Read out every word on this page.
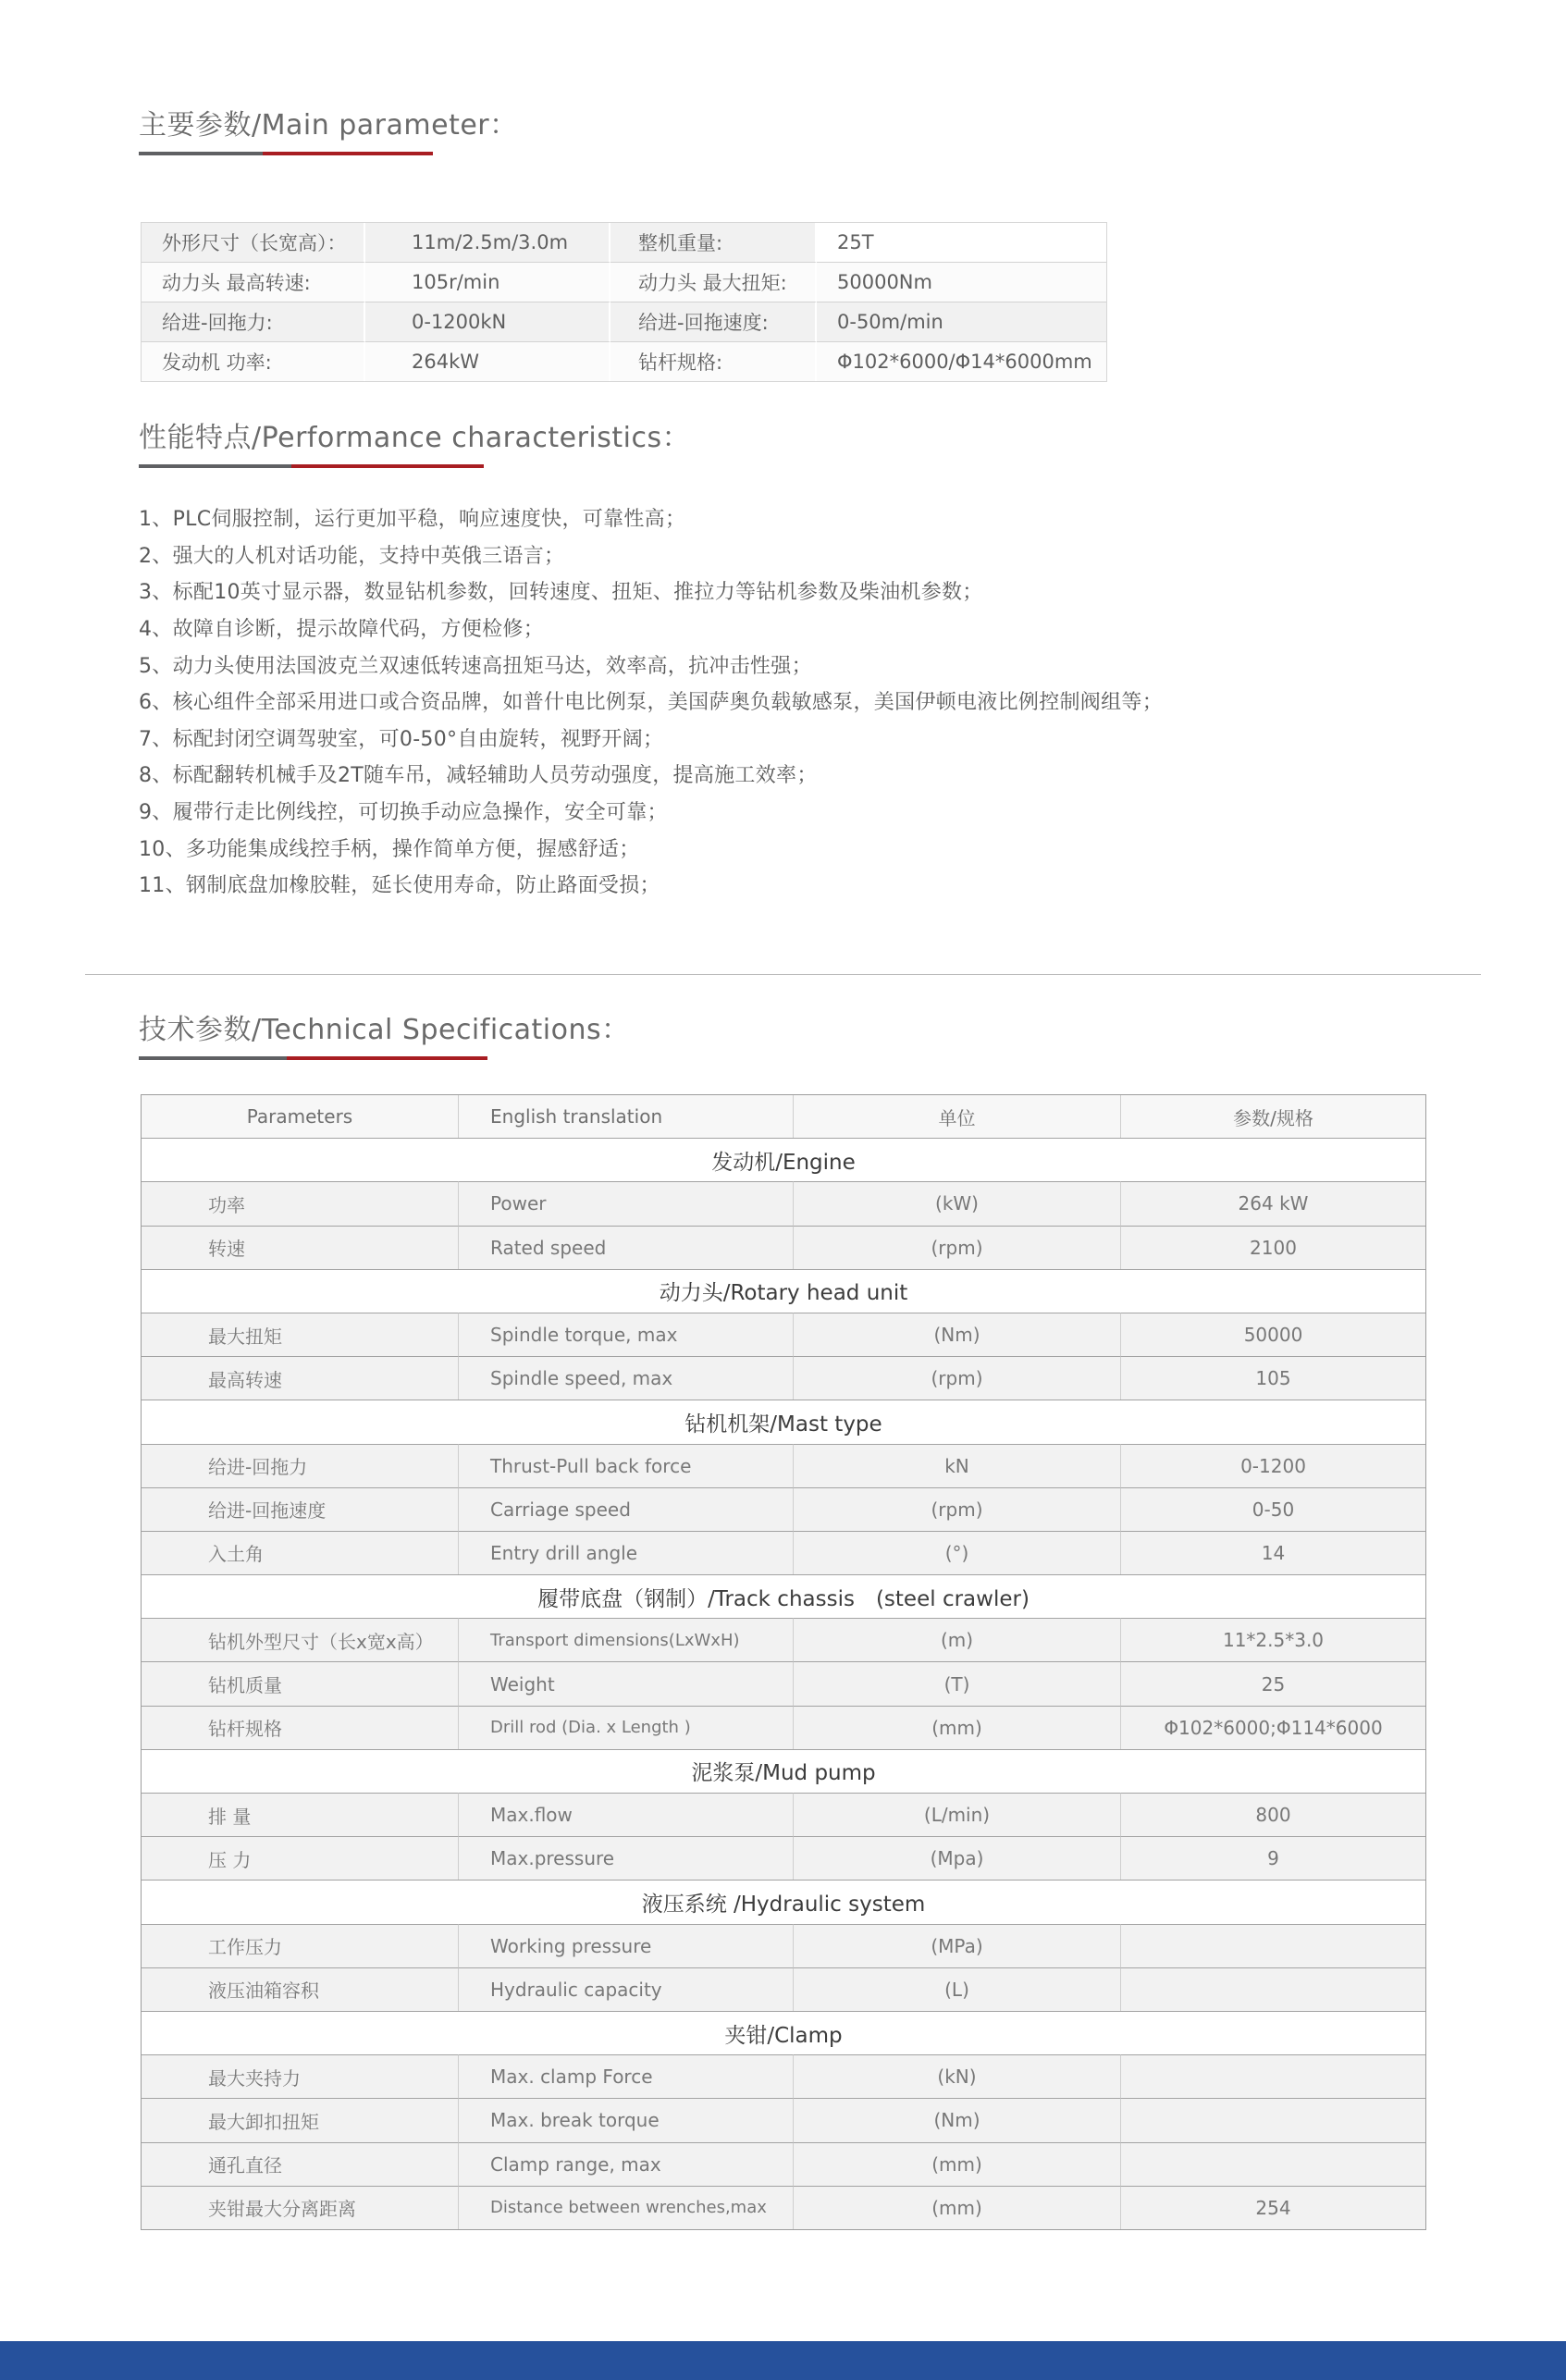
主要参数/Main parameter：
外形尺寸（长宽高）：	11m/2.5m/3.0m	整机重量:	25T
动力头 最高转速:	105r/min	动力头 最大扭矩:	50000Nm
给进-回拖力:	0-1200kN	给进-回拖速度:	0-50m/min
发动机 功率:	264kW	钻杆规格:	Φ102*6000/Φ14*6000mm
性能特点/Performance characteristics：
1、PLC伺服控制，运行更加平稳，响应速度快，可靠性高；
2、强大的人机对话功能，支持中英俄三语言；
3、标配10英寸显示器，数显钻机参数，回转速度、扭矩、推拉力等钻机参数及柴油机参数；
4、故障自诊断，提示故障代码，方便检修；
5、动力头使用法国波克兰双速低转速高扭矩马达，效率高，抗冲击性强；
6、核心组件全部采用进口或合资品牌，如普什电比例泵，美国萨奥负载敏感泵，美国伊顿电液比例控制阀组等；
7、标配封闭空调驾驶室，可0-50°自由旋转，视野开阔；
8、标配翻转机械手及2T随车吊，减轻辅助人员劳动强度，提高施工效率；
9、履带行走比例线控，可切换手动应急操作，安全可靠；
10、多功能集成线控手柄，操作简单方便，握感舒适；
11、钢制底盘加橡胶鞋，延长使用寿命，防止路面受损；
技术参数/Technical Specifications：
Parameters	English translation	单位	参数/规格
发动机/Engine			
功率	Power	(kW)	264 kW
转速	Rated speed	(rpm)	2100
动力头/Rotary head unit			
最大扭矩	Spindle torque, max	(Nm)	50000
最高转速	Spindle speed, max	(rpm)	105
钻机机架/Mast type			
给进-回拖力	Thrust-Pull back force	kN	0-1200
给进-回拖速度	Carriage speed	(rpm)	0-50
入土角	Entry drill angle	(°)	14
履带底盘（钢制）/Track chassis　(steel crawler)			
钻机外型尺寸（长x宽x高）	Transport dimensions(LxWxH)	(m)	11*2.5*3.0
钻机质量	Weight	(T)	25
钻杆规格	Drill rod (Dia. x Length )	(mm)	Φ102*6000;Φ114*6000
泥浆泵/Mud pump			
排 量	Max.flow	(L/min)	800
压 力	Max.pressure	(Mpa)	9
液压系统 /Hydraulic system			
工作压力	Working pressure	(MPa)	
液压油箱容积	Hydraulic capacity	(L)	
夹钳/Clamp			
最大夹持力	Max. clamp Force	(kN)	
最大卸扣扭矩	Max. break torque	(Nm)	
通孔直径	Clamp range, max	(mm)	
夹钳最大分离距离	Distance between wrenches,max	(mm)	254
